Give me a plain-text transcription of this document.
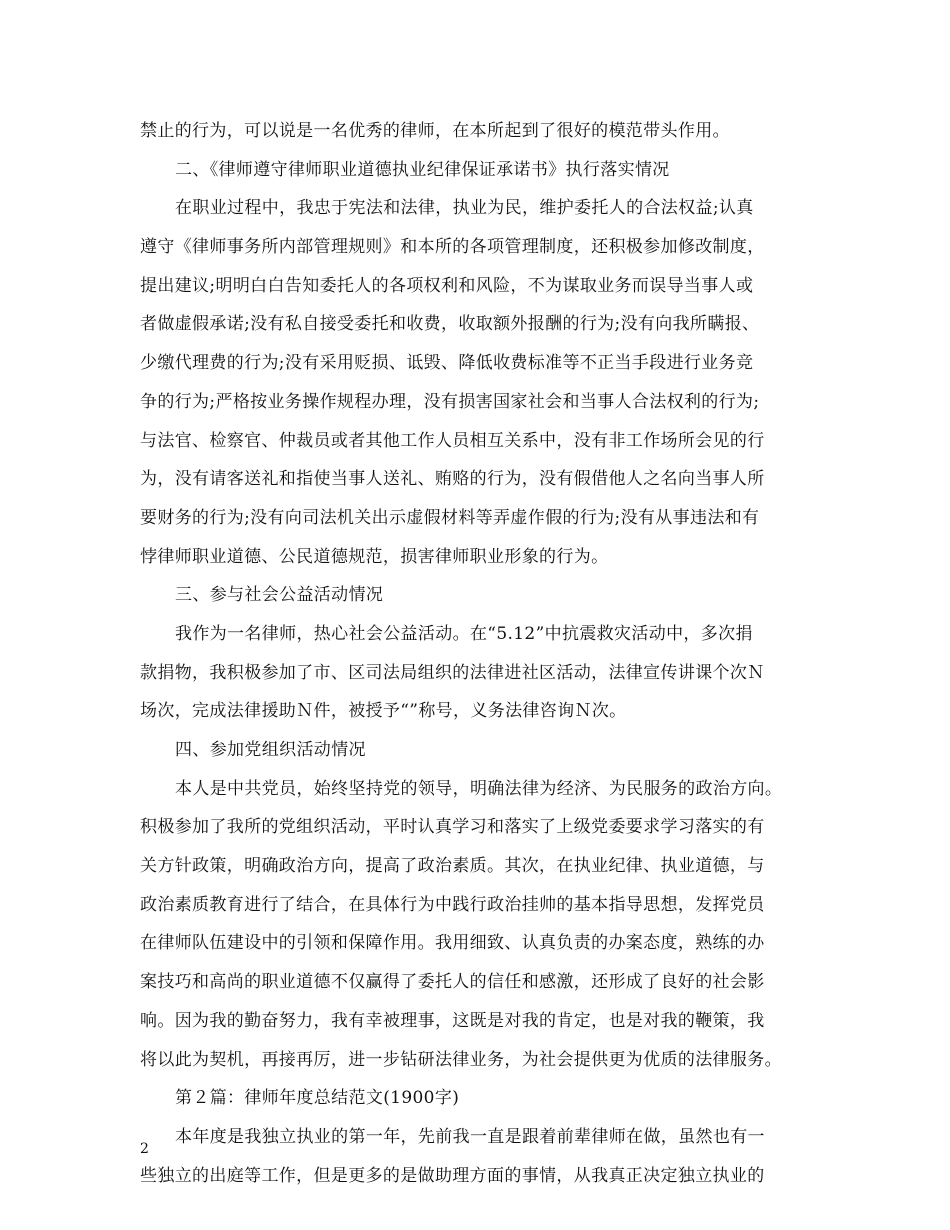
禁止的行为，可以说是一名优秀的律师，在本所起到了很好的模范带头作用。
二、《律师遵守律师职业道德执业纪律保证承诺书》执行落实情况
在职业过程中，我忠于宪法和法律，执业为民，维护委托人的合法权益;认真
遵守《律师事务所内部管理规则》和本所的各项管理制度，还积极参加修改制度，
提出建议;明明白白告知委托人的各项权利和风险，不为谋取业务而误导当事人或
者做虚假承诺;没有私自接受委托和收费，收取额外报酬的行为;没有向我所瞒报、
少缴代理费的行为;没有采用贬损、诋毁、降低收费标准等不正当手段进行业务竞
争的行为;严格按业务操作规程办理，没有损害国家社会和当事人合法权利的行为;
与法官、检察官、仲裁员或者其他工作人员相互关系中，没有非工作场所会见的行
为，没有请客送礼和指使当事人送礼、贿赂的行为，没有假借他人之名向当事人所
要财务的行为;没有向司法机关出示虚假材料等弄虚作假的行为;没有从事违法和有
悖律师职业道德、公民道德规范，损害律师职业形象的行为。
三、参与社会公益活动情况
我作为一名律师，热心社会公益活动。在“5.12”中抗震救灾活动中，多次捐
款捐物，我积极参加了市、区司法局组织的法律进社区活动，法律宣传讲课个次Ｎ
场次，完成法律援助Ｎ件，被授予“”称号，义务法律咨询Ｎ次。
四、参加党组织活动情况
本人是中共党员，始终坚持党的领导，明确法律为经济、为民服务的政治方向。
积极参加了我所的党组织活动，平时认真学习和落实了上级党委要求学习落实的有
关方针政策，明确政治方向，提高了政治素质。其次，在执业纪律、执业道德，与
政治素质教育进行了结合，在具体行为中践行政治挂帅的基本指导思想，发挥党员
在律师队伍建设中的引领和保障作用。我用细致、认真负责的办案态度，熟练的办
案技巧和高尚的职业道德不仅赢得了委托人的信任和感激，还形成了良好的社会影
响。因为我的勤奋努力，我有幸被理事，这既是对我的肯定，也是对我的鞭策，我
将以此为契机，再接再厉，进一步钻研法律业务，为社会提供更为优质的法律服务。
第２篇：律师年度总结范文(1900字)
本年度是我独立执业的第一年，先前我一直是跟着前辈律师在做，虽然也有一
些独立的出庭等工作，但是更多的是做助理方面的事情，从我真正决定独立执业的
2
